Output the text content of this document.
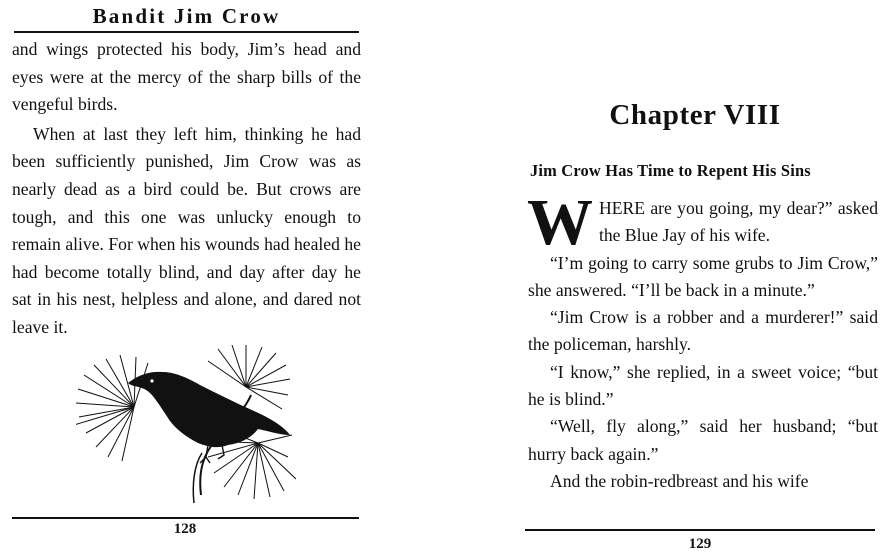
Bandit Jim Crow

and wings protected his body, Jim’s head and eyes were at the mercy of the sharp bills of the vengeful birds.

When at last they left him, thinking he had been sufficiently punished, Jim Crow was as nearly dead as a bird could be. But crows are tough, and this one was unlucky enough to remain alive. For when his wounds had healed he had become totally blind, and day after day he sat in his nest, helpless and alone, and dared not leave it.

128
Chapter VIII
Jim Crow Has Time to Repent His Sins

WHERE are you going, my dear?” asked the Blue Jay of his wife.

“I’m going to carry some grubs to Jim Crow,” she answered. “I’ll be back in a minute.”

“Jim Crow is a robber and a murderer!” said the policeman, harshly.

“I know,” she replied, in a sweet voice; “but he is blind.”

“Well, fly along,” said her husband; “but hurry back again.”

And the robin-redbreast and his wife

129
